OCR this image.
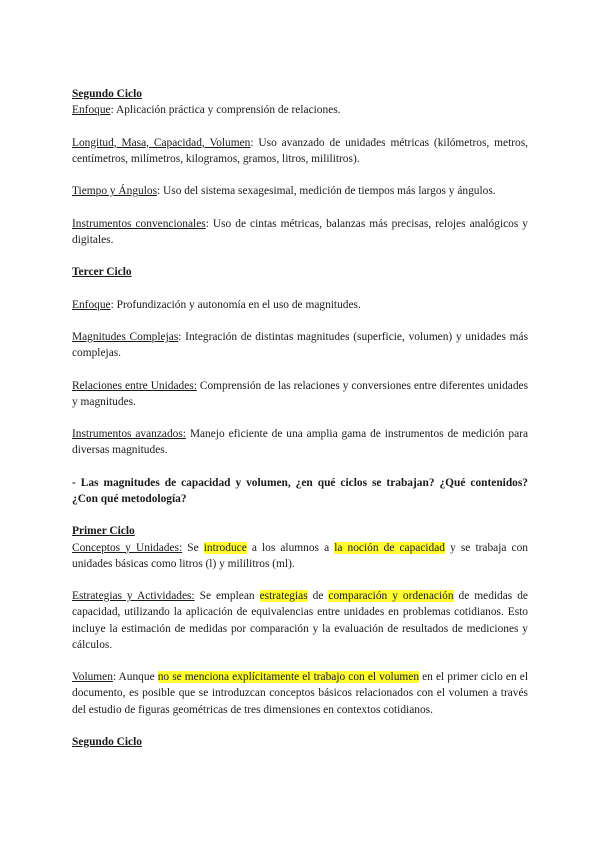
Segundo Ciclo

Enfoque: Aplicación práctica y comprensión de relaciones.

Longitud, Masa, Capacidad, Volumen: Uso avanzado de unidades métricas (kilómetros, metros, centímetros, milímetros, kilogramos, gramos, litros, mililitros).

Tiempo y Ángulos: Uso del sistema sexagesimal, medición de tiempos más largos y ángulos.

Instrumentos convencionales: Uso de cintas métricas, balanzas más precisas, relojes analógicos y digitales.

Tercer Ciclo

Enfoque: Profundización y autonomía en el uso de magnitudes.

Magnitudes Complejas: Integración de distintas magnitudes (superficie, volumen) y unidades más complejas.

Relaciones entre Unidades: Comprensión de las relaciones y conversiones entre diferentes unidades y magnitudes.

Instrumentos avanzados: Manejo eficiente de una amplia gama de instrumentos de medición para diversas magnitudes.

- Las magnitudes de capacidad y volumen, ¿en qué ciclos se trabajan? ¿Qué contenidos? ¿Con qué metodología?

Primer Ciclo

Conceptos y Unidades: Se introduce a los alumnos a la noción de capacidad y se trabaja con unidades básicas como litros (l) y mililitros (ml).

Estrategias y Actividades: Se emplean estrategias de comparación y ordenación de medidas de capacidad, utilizando la aplicación de equivalencias entre unidades en problemas cotidianos. Esto incluye la estimación de medidas por comparación y la evaluación de resultados de mediciones y cálculos.

Volumen: Aunque no se menciona explícitamente el trabajo con el volumen en el primer ciclo en el documento, es posible que se introduzcan conceptos básicos relacionados con el volumen a través del estudio de figuras geométricas de tres dimensiones en contextos cotidianos.

Segundo Ciclo
